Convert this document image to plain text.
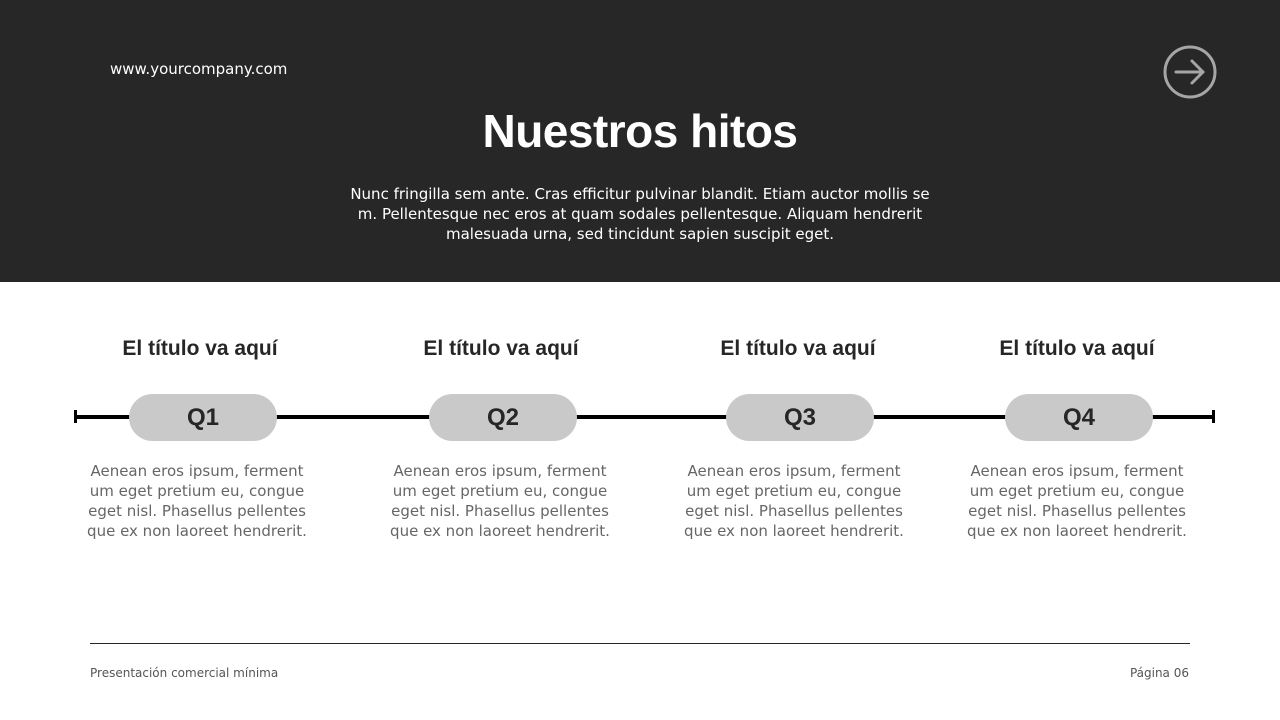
www.yourcompany.com
Nuestros hitos
Nunc fringilla sem ante. Cras efficitur pulvinar blandit. Etiam auctor mollis sem. Pellentesque nec eros at quam sodales pellentesque. Aliquam hendrerit malesuada urna, sed tincidunt sapien suscipit eget.
El título va aquí
Q1
Aenean eros ipsum, fermentum eget pretium eu, congue eget nisl. Phasellus pellentesque ex non laoreet hendrerit.
El título va aquí
Q2
Aenean eros ipsum, fermentum eget pretium eu, congue eget nisl. Phasellus pellentesque ex non laoreet hendrerit.
El título va aquí
Q3
Aenean eros ipsum, fermentum eget pretium eu, congue eget nisl. Phasellus pellentesque ex non laoreet hendrerit.
El título va aquí
Q4
Aenean eros ipsum, fermentum eget pretium eu, congue eget nisl. Phasellus pellentesque ex non laoreet hendrerit.
Presentación comercial mínima	Página 06
